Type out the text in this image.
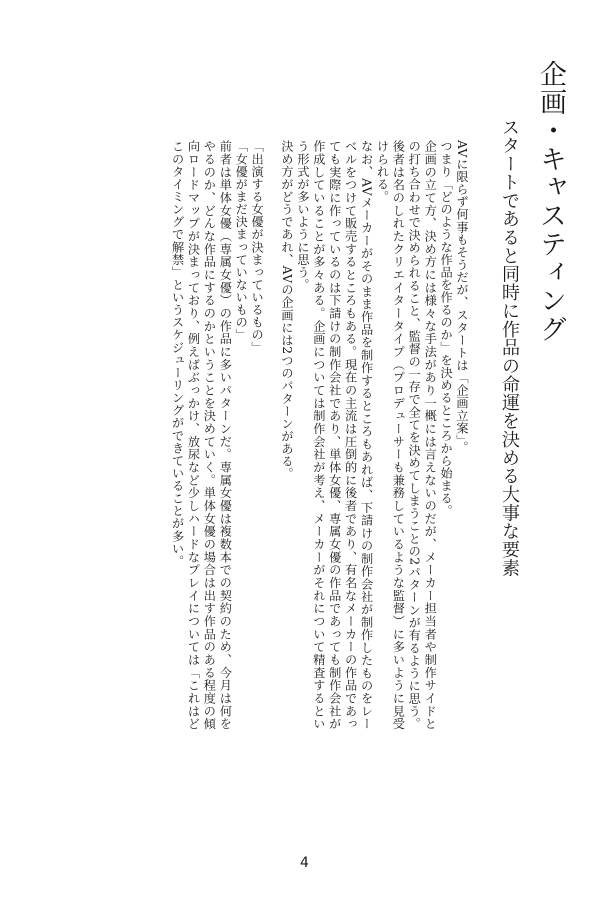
企画・キャスティング
スタートであると同時に作品の命運を決める大事な要素

AVに限らず何事もそうだが、スタートは「企画立案」。

つまり「どのような作品を作るのか」を決めるところから始まる。

企画の立て方、決め方には様々な手法があり一概には言えないのだが、メーカー担当者や制作サイドとの打ち合わせで決められること、監督の一存で全てを決めてしまうことの2パターンが有るように思う。後者は名のしれたクリエイタータイプ（プロデューサーも兼務しているような監督）に多いように見受けられる。

なお、AVメーカーがそのまま作品を制作するところもあれば、下請けの制作会社が制作したものをレーベルをつけて販売するところもある。現在の主流は圧倒的に後者であり、有名なメーカーの作品であっても実際に作っているのは下請けの制作会社であり、単体女優、専属女優の作品であっても制作会社が作成していることが多々ある。企画については制作会社が考え、メーカーがそれについて精査するという形式が多いように思う。

決め方がどうであれ、AVの企画には2つのパターンがある。

「出演する女優が決まっているもの」

「女優がまだ決まっていないもの」

前者は単体女優（専属女優）の作品に多いパターンだ。専属女優は複数本での契約のため、今月は何をやるのか、どんな作品にするのかということを決めていく。単体女優の場合は出す作品のある程度の傾向ロードマップが決まっており、例えばぶっかけ、放尿など少しハードなプレイについては「これはどこのタイミングで解禁」というスケジューリングができていることが多い。

4
